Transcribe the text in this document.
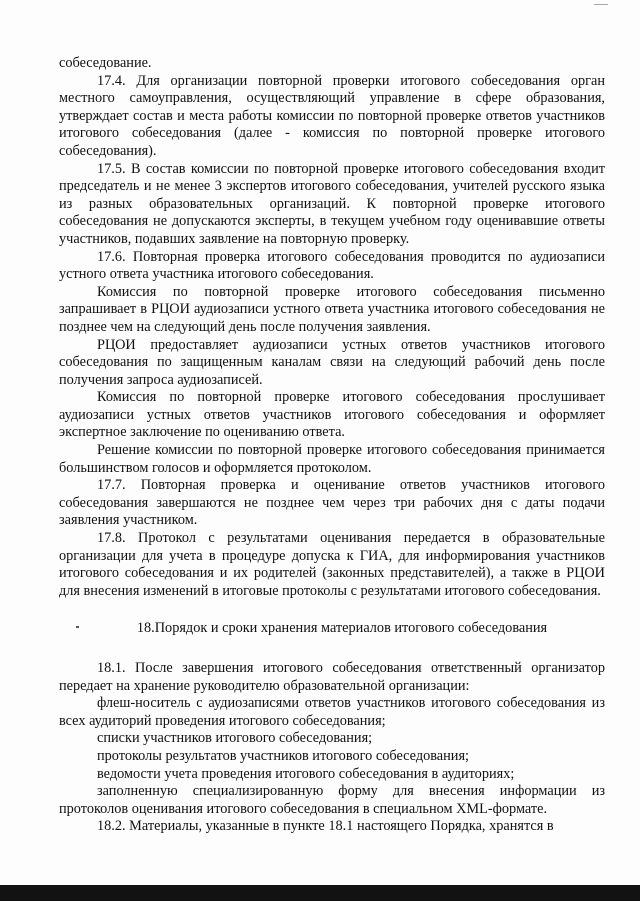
собеседование.

17.4. Для организации повторной проверки итогового собеседования орган местного самоуправления, осуществляющий управление в сфере образования, утверждает состав и места работы комиссии по повторной проверке ответов участников итогового собеседования (далее - комиссия по повторной проверке итогового собеседования).

17.5. В состав комиссии по повторной проверке итогового собеседования входит председатель и не менее 3 экспертов итогового собеседования, учителей русского языка из разных образовательных организаций. К повторной проверке итогового собеседования не допускаются эксперты, в текущем учебном году оценивавшие ответы участников, подавших заявление на повторную проверку.

17.6. Повторная проверка итогового собеседования проводится по аудиозаписи устного ответа участника итогового собеседования.

Комиссия по повторной проверке итогового собеседования письменно запрашивает в РЦОИ аудиозаписи устного ответа участника итогового собеседования не позднее чем на следующий день после получения заявления.

РЦОИ предоставляет аудиозаписи устных ответов участников итогового собеседования по защищенным каналам связи на следующий рабочий день после получения запроса аудиозаписей.

Комиссия по повторной проверке итогового собеседования прослушивает аудиозаписи устных ответов участников итогового собеседования и оформляет экспертное заключение по оцениванию ответа.

Решение комиссии по повторной проверке итогового собеседования принимается большинством голосов и оформляется протоколом.

17.7. Повторная проверка и оценивание ответов участников итогового собеседования завершаются не позднее чем через три рабочих дня с даты подачи заявления участником.

17.8. Протокол с результатами оценивания передается в образовательные организации для учета в процедуре допуска к ГИА, для информирования участников итогового собеседования и их родителей (законных представителей), а также в РЦОИ для внесения изменений в итоговые протоколы с результатами итогового собеседования.

18.Порядок и сроки хранения материалов итогового собеседования

18.1. После завершения итогового собеседования ответственный организатор передает на хранение руководителю образовательной организации:

флеш-носитель с аудиозаписями ответов участников итогового собеседования из всех аудиторий проведения итогового собеседования;

списки участников итогового собеседования;

протоколы результатов участников итогового собеседования;

ведомости учета проведения итогового собеседования в аудиториях;

заполненную специализированную форму для внесения информации из протоколов оценивания итогового собеседования в специальном XML-формате.

18.2. Материалы, указанные в пункте 18.1 настоящего Порядка, хранятся в
